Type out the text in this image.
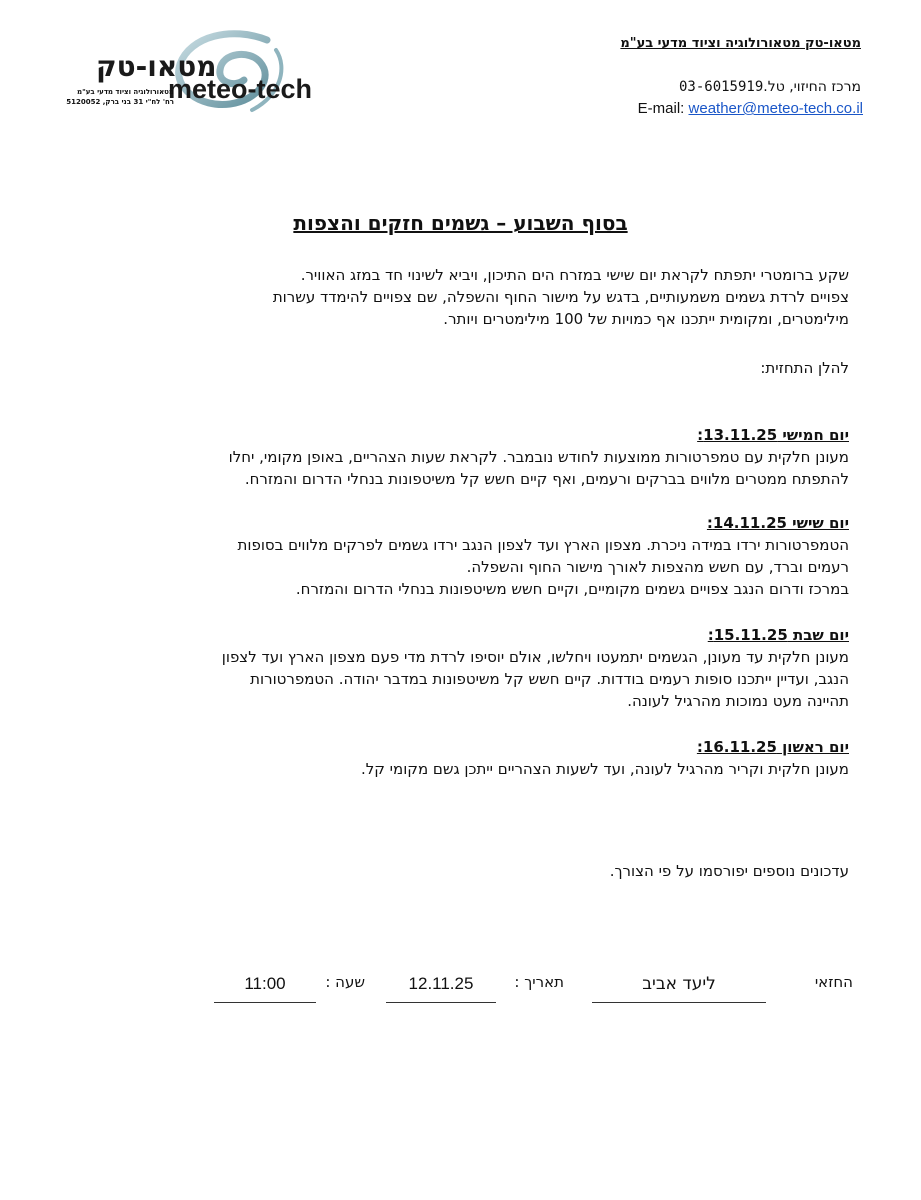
מטאו-טק
meteo-tech
מטאורולוגיה וציוד מדעי בע"מ
רח' לח"י 31 בני ברק, 5120052
מטאו-טק מטאורולוגיה וציוד מדעי בע"מ
מרכז החיזוי, טל.03-6015919
E-mail: weather@meteo-tech.co.il
בסוף השבוע – גשמים חזקים והצפות

שקע ברומטרי יתפתח לקראת יום שישי במזרח הים התיכון, ויביא לשינוי חד במזג האוויר.

צפויים לרדת גשמים משמעותיים, בדגש על מישור החוף והשפלה, שם צפויים להימדד עשרות

מילימטרים, ומקומית ייתכנו אף כמויות של 100 מילימטרים ויותר.

להלן התחזית:

יום חמישי 13.11.25:

מעונן חלקית עם טמפרטורות ממוצעות לחודש נובמבר. לקראת שעות הצהריים, באופן מקומי, יחלו

להתפתח ממטרים מלווים בברקים ורעמים, ואף קיים חשש קל משיטפונות בנחלי הדרום והמזרח.

יום שישי 14.11.25:

הטמפרטורות ירדו במידה ניכרת. מצפון הארץ ועד לצפון הנגב ירדו גשמים לפרקים מלווים בסופות

רעמים וברד, עם חשש מהצפות לאורך מישור החוף והשפלה.

במרכז ודרום הנגב צפויים גשמים מקומיים, וקיים חשש משיטפונות בנחלי הדרום והמזרח.

יום שבת 15.11.25:

מעונן חלקית עד מעונן, הגשמים יתמעטו ויחלשו, אולם יוסיפו לרדת מדי פעם מצפון הארץ ועד לצפון

הנגב, ועדיין ייתכנו סופות רעמים בודדות. קיים חשש קל משיטפונות במדבר יהודה. הטמפרטורות

תהיינה מעט נמוכות מהרגיל לעונה.

יום ראשון 16.11.25:

מעונן חלקית וקריר מהרגיל לעונה, ועד לשעות הצהריים ייתכן גשם מקומי קל.

עדכונים נוספים יפורסמו על פי הצורך.
החזאי
ליעד אביב
תאריך :
12.11.25
שעה :
11:00
